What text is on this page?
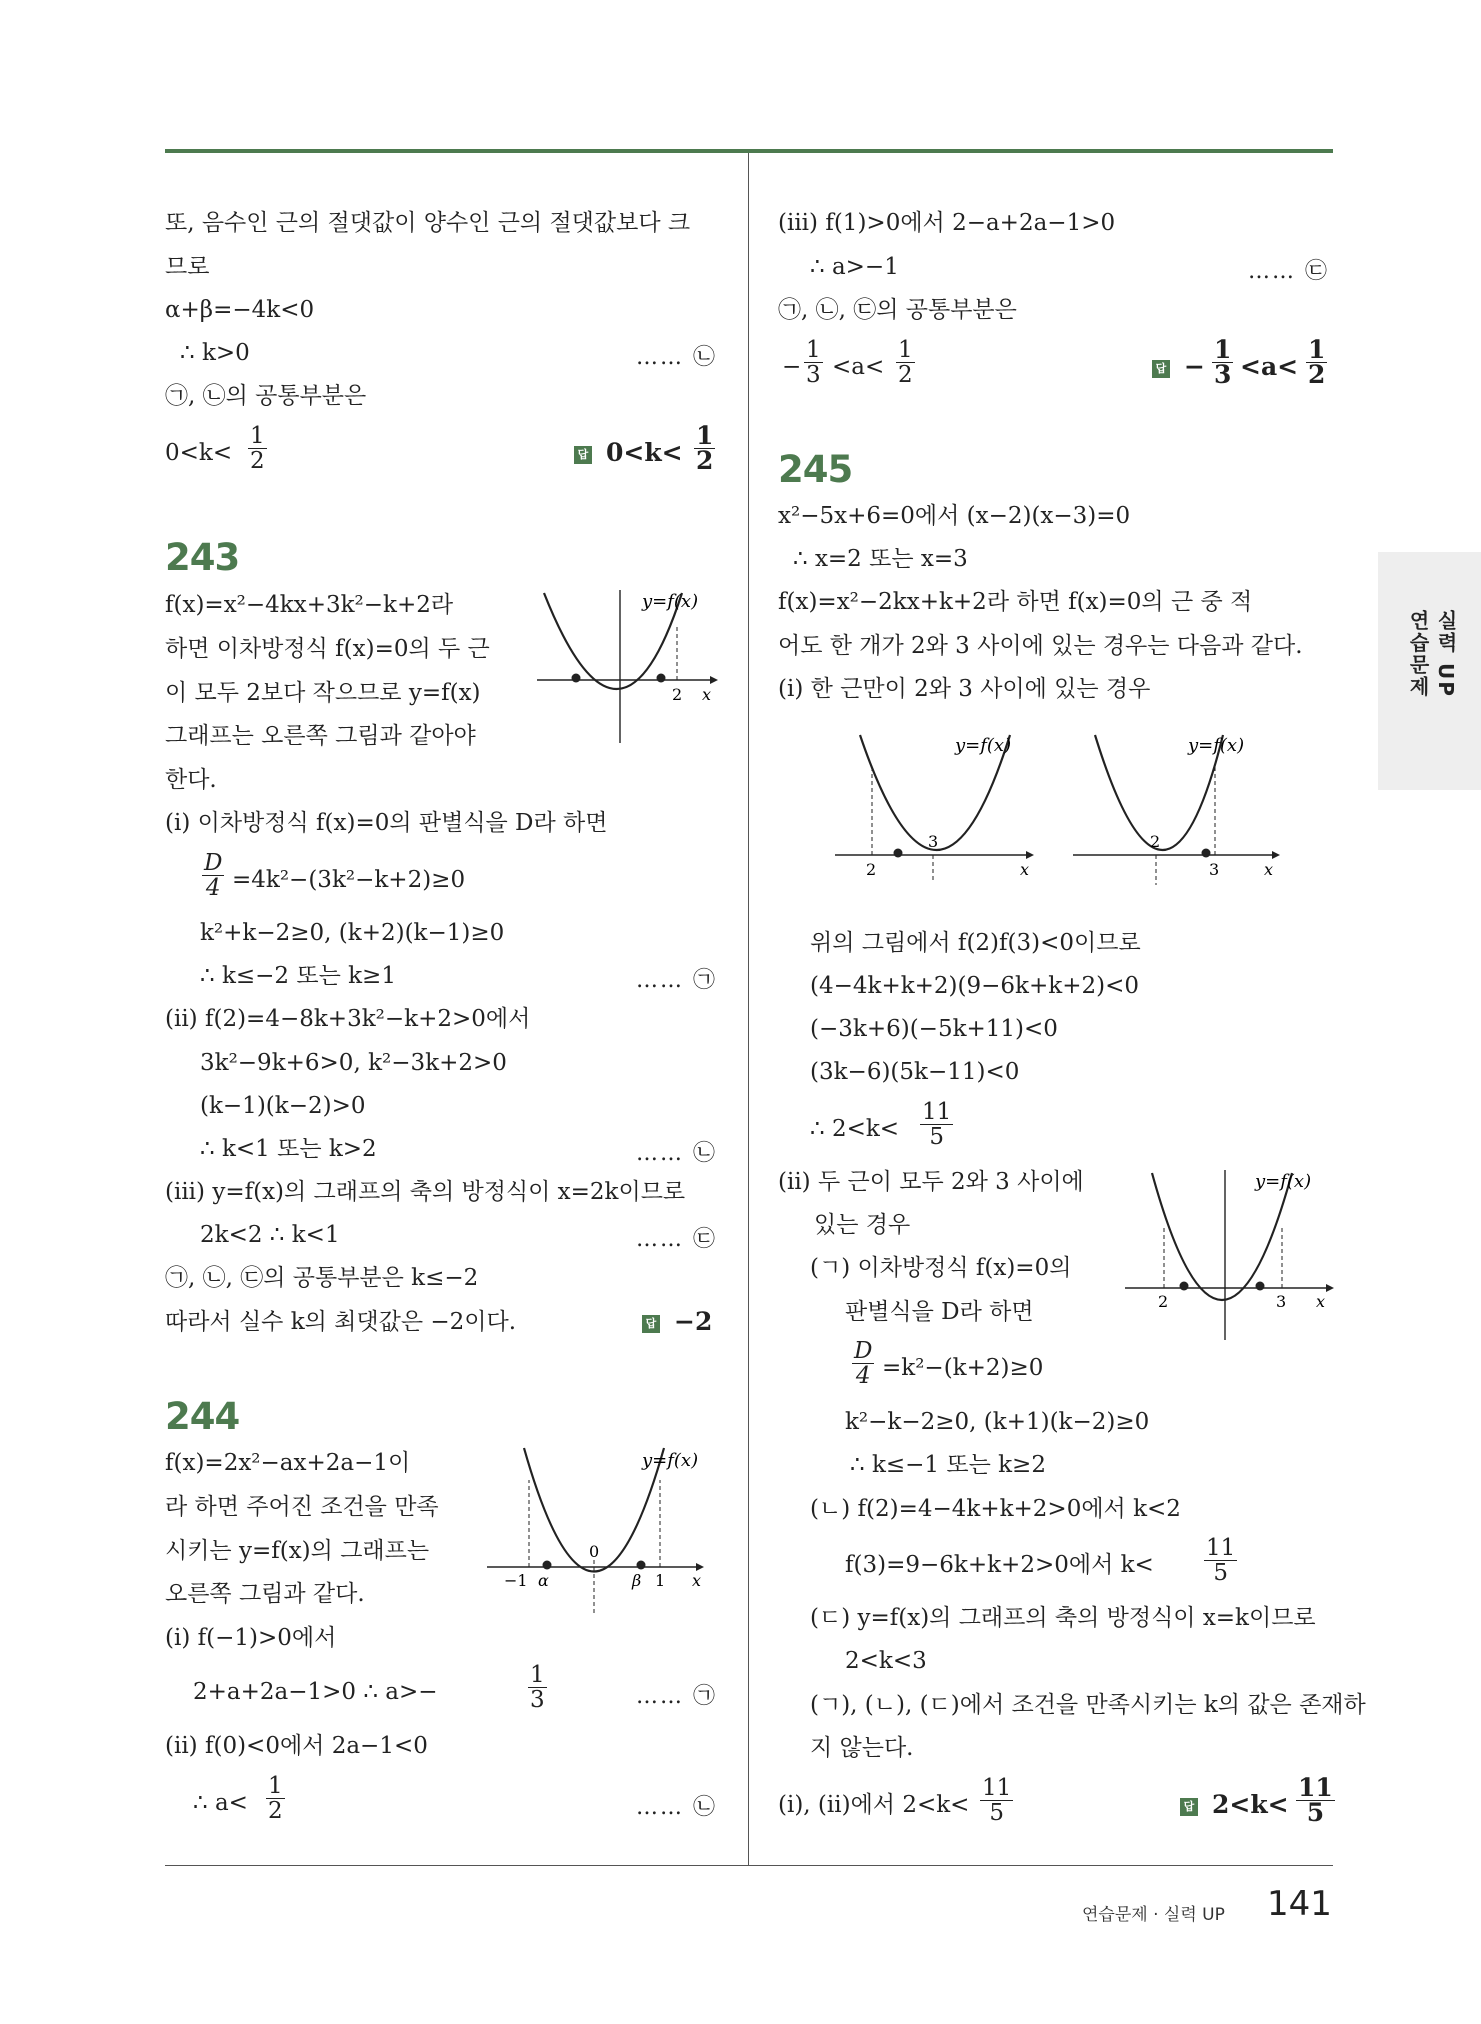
실력 UP
연습문제
또, 음수인 근의 절댓값이 양수인 근의 절댓값보다 크
므로
α+β=−4k<0
∴ k>0	…… ㉡
㉠, ㉡의 공통부분은
$0<k< \frac{1}{2}$	답 $0<k< \frac{1}{2}$
243
f(x)=x²−4kx+3k²−k+2라
하면 이차방정식 f(x)=0의 두 근
이 모두 2보다 작으므로 y=f(x)
그래프는 오른쪽 그림과 같아야
한다.
y=f(x)
2 x
(i) 이차방정식 f(x)=0의 판별식을 D라 하면
$\frac{D}{4} =4k^2-(3k^2-k+2)\ge 0$
k²+k−2≥0, (k+2)(k−1)≥0
∴ k≤−2 또는 k≥1	…… ㉠
(ii) f(2)=4−8k+3k²−k+2>0에서
3k²−9k+6>0, k²−3k+2>0
(k−1)(k−2)>0
∴ k<1 또는 k>2	…… ㉡
(iii) y=f(x)의 그래프의 축의 방정식이 x=2k이므로
2k<2 ∴ k<1	…… ㉢
㉠, ㉡, ㉢의 공통부분은 k≤−2
따라서 실수 k의 최댓값은 −2이다.	답 −2
244
f(x)=2x²−ax+2a−1이
라 하면 주어진 조건을 만족
시키는 y=f(x)의 그래프는
오른쪽 그림과 같다.
y=f(x)
−1 α
0
β 1 x
(i) f(−1)>0에서
2+a+2a−1>0 ∴ a>−	$\frac{1}{3}$	…… ㉠
(ii) f(0)<0에서 2a−1<0
∴ $a< \frac{1}{2}$	…… ㉡
(iii) f(1)>0에서 2−a+2a−1>0
∴ a>−1	…… ㉢
㉠, ㉡, ㉢의 공통부분은
− $\frac{1}{3} <a< \frac{1}{2}$	답 − $\frac{1}{3} <a< \frac{1}{2}$
245
x²−5x+6=0에서 (x−2)(x−3)=0
∴ x=2 또는 x=3
f(x)=x²−2kx+k+2라 하면 f(x)=0의 근 중 적
어도 한 개가 2와 3 사이에 있는 경우는 다음과 같다.
(i) 한 근만이 2와 3 사이에 있는 경우
y=f(x)
2
3
x
y=f(x)
2
3	x
위의 그림에서 f(2)f(3)<0이므로
(4−4k+k+2)(9−6k+k+2)<0
(−3k+6)(−5k+11)<0
(3k−6)(5k−11)<0
∴ $2<k< \frac{11}{5}$
(ii) 두 근이 모두 2와 3 사이에
있는 경우
(ㄱ) 이차방정식 f(x)=0의
판별식을 D라 하면
y=f(x)
2	3 x
$\frac{D}{4} =k^2-(k+2)\ge 0$
k²−k−2≥0, (k+1)(k−2)≥0
∴ k≤−1 또는 k≥2
(ㄴ) f(2)=4−4k+k+2>0에서 k<2
f(3)=9−6k+k+2>0에서 $k< \frac{11}{5}$
(ㄷ) y=f(x)의 그래프의 축의 방정식이 x=k이므로
2<k<3
(ㄱ), (ㄴ), (ㄷ)에서 조건을 만족시키는 k의 값은 존재하
지 않는다.
(i), (ii)에서 $2<k< \frac{11}{5}$	답 $2<k< \frac{11}{5}$
연습문제 · 실력 UP 141
